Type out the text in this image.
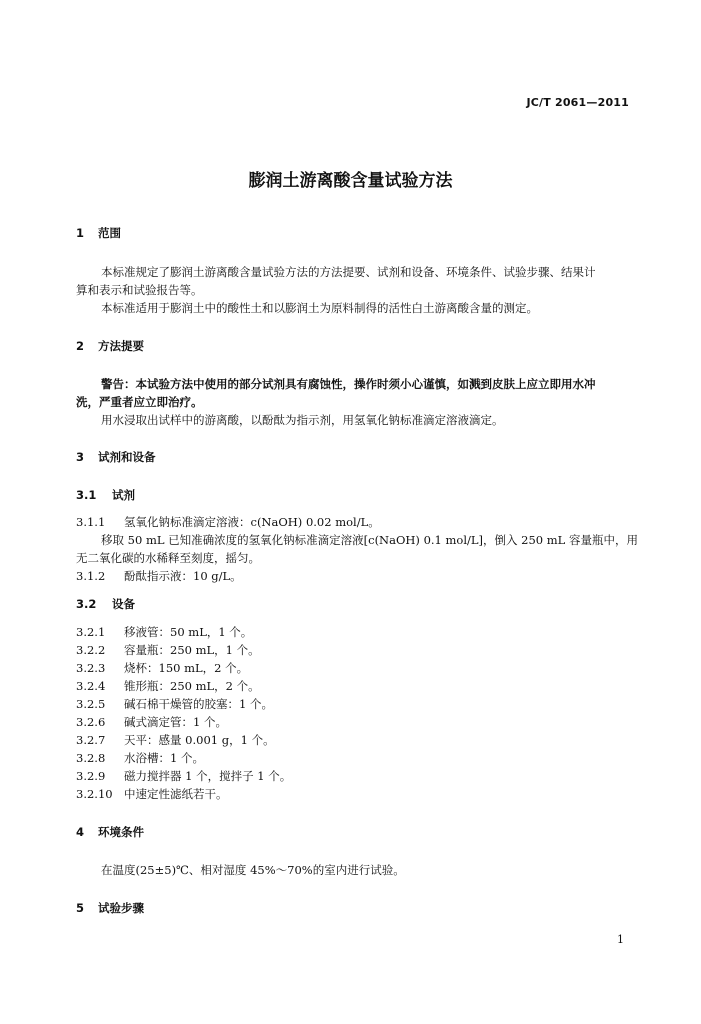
JC/T 2061—2011
膨润土游离酸含量试验方法
1 范围
本标准规定了膨润土游离酸含量试验方法的方法提要、试剂和设备、环境条件、试验步骤、结果计
算和表示和试验报告等。
本标准适用于膨润土中的酸性土和以膨润土为原料制得的活性白土游离酸含量的测定。
2 方法提要
警告：本试验方法中使用的部分试剂具有腐蚀性，操作时须小心谨慎，如溅到皮肤上应立即用水冲
洗，严重者应立即治疗。
用水浸取出试样中的游离酸，以酚酞为指示剂，用氢氧化钠标准滴定溶液滴定。
3 试剂和设备
3.1 试剂
3.1.1 氢氧化钠标准滴定溶液：c(NaOH) 0.02 mol/L。
移取 50 mL 已知准确浓度的氢氧化钠标准滴定溶液[c(NaOH) 0.1 mol/L]，倒入 250 mL 容量瓶中，用
无二氧化碳的水稀释至刻度，摇匀。
3.1.2 酚酞指示液：10 g/L。
3.2 设备
3.2.1 移液管：50 mL，1 个。
3.2.2 容量瓶：250 mL，1 个。
3.2.3 烧杯：150 mL，2 个。
3.2.4 锥形瓶：250 mL，2 个。
3.2.5 碱石棉干燥管的胶塞：1 个。
3.2.6 碱式滴定管：1 个。
3.2.7 天平：感量 0.001 g，1 个。
3.2.8 水浴槽：1 个。
3.2.9 磁力搅拌器 1 个，搅拌子 1 个。
3.2.10 中速定性滤纸若干。
4 环境条件
在温度(25±5)℃、相对湿度 45%～70%的室内进行试验。
5 试验步骤
1
